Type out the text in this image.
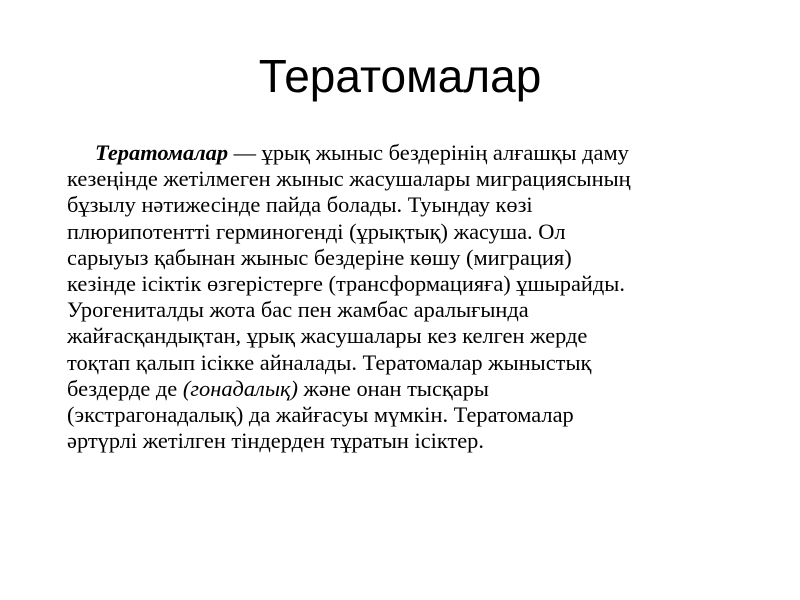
Тератомалар
Тератомалар — ұрық жыныс бездерінің алғашқы даму
кезеңінде жетілмеген жыныс жасушалары миграциясының
бұзылу нәтижесінде пайда болады. Туындау көзі
плюрипотентті герминогенді (ұрықтық) жасуша. Ол
сарыуыз қабынан жыныс бездеріне көшу (миграция)
кезінде ісіктік өзгерістерге (трансформацияға) ұшырайды.
Урогениталды жота бас пен жамбас аралығында
жайғасқандықтан, ұрық жасушалары кез келген жерде
тоқтап қалып ісікке айналады. Тератомалар жыныстық
бездерде де (гонадалық) және онан тысқары
(экстрагонадалық) да жайғасуы мүмкін. Тератомалар
әртүрлі жетілген тіндерден тұратын ісіктер.
